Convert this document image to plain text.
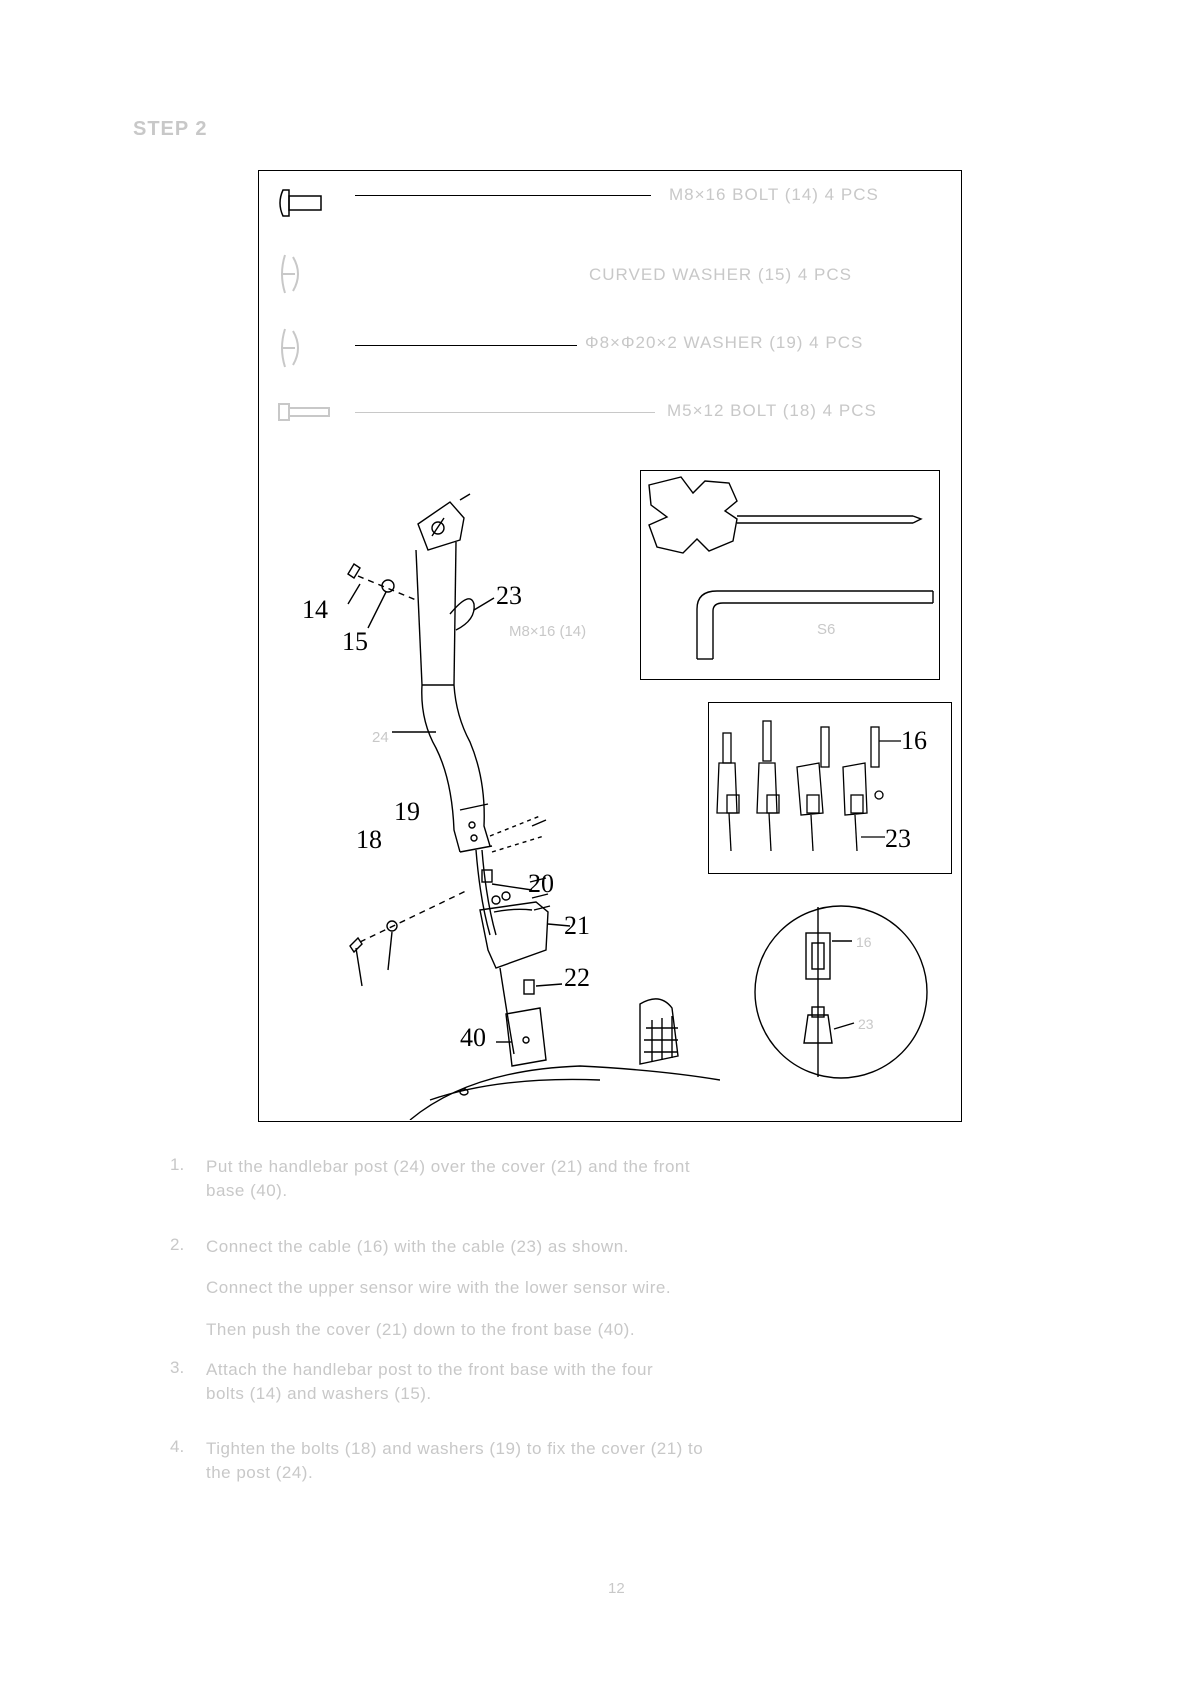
STEP 2
M8×16 BOLT (14) 4 PCS
CURVED WASHER (15) 4 PCS
Φ8×Φ20×2 WASHER (19) 4 PCS
M5×12 BOLT (18) 4 PCS
14
15
23
19
18
20
21
22
40
24
M8×16 (14)	S6
16
23
16
23
1. Put the handlebar post (24) over the cover (21) and the front
base (40).
2. Connect the cable (16) with the cable (23) as shown.
Connect the upper sensor wire with the lower sensor wire.
Then push the cover (21) down to the front base (40).
3. Attach the handlebar post to the front base with the four
bolts (14) and washers (15).
4. Tighten the bolts (18) and washers (19) to fix the cover (21) to
the post (24).
12
